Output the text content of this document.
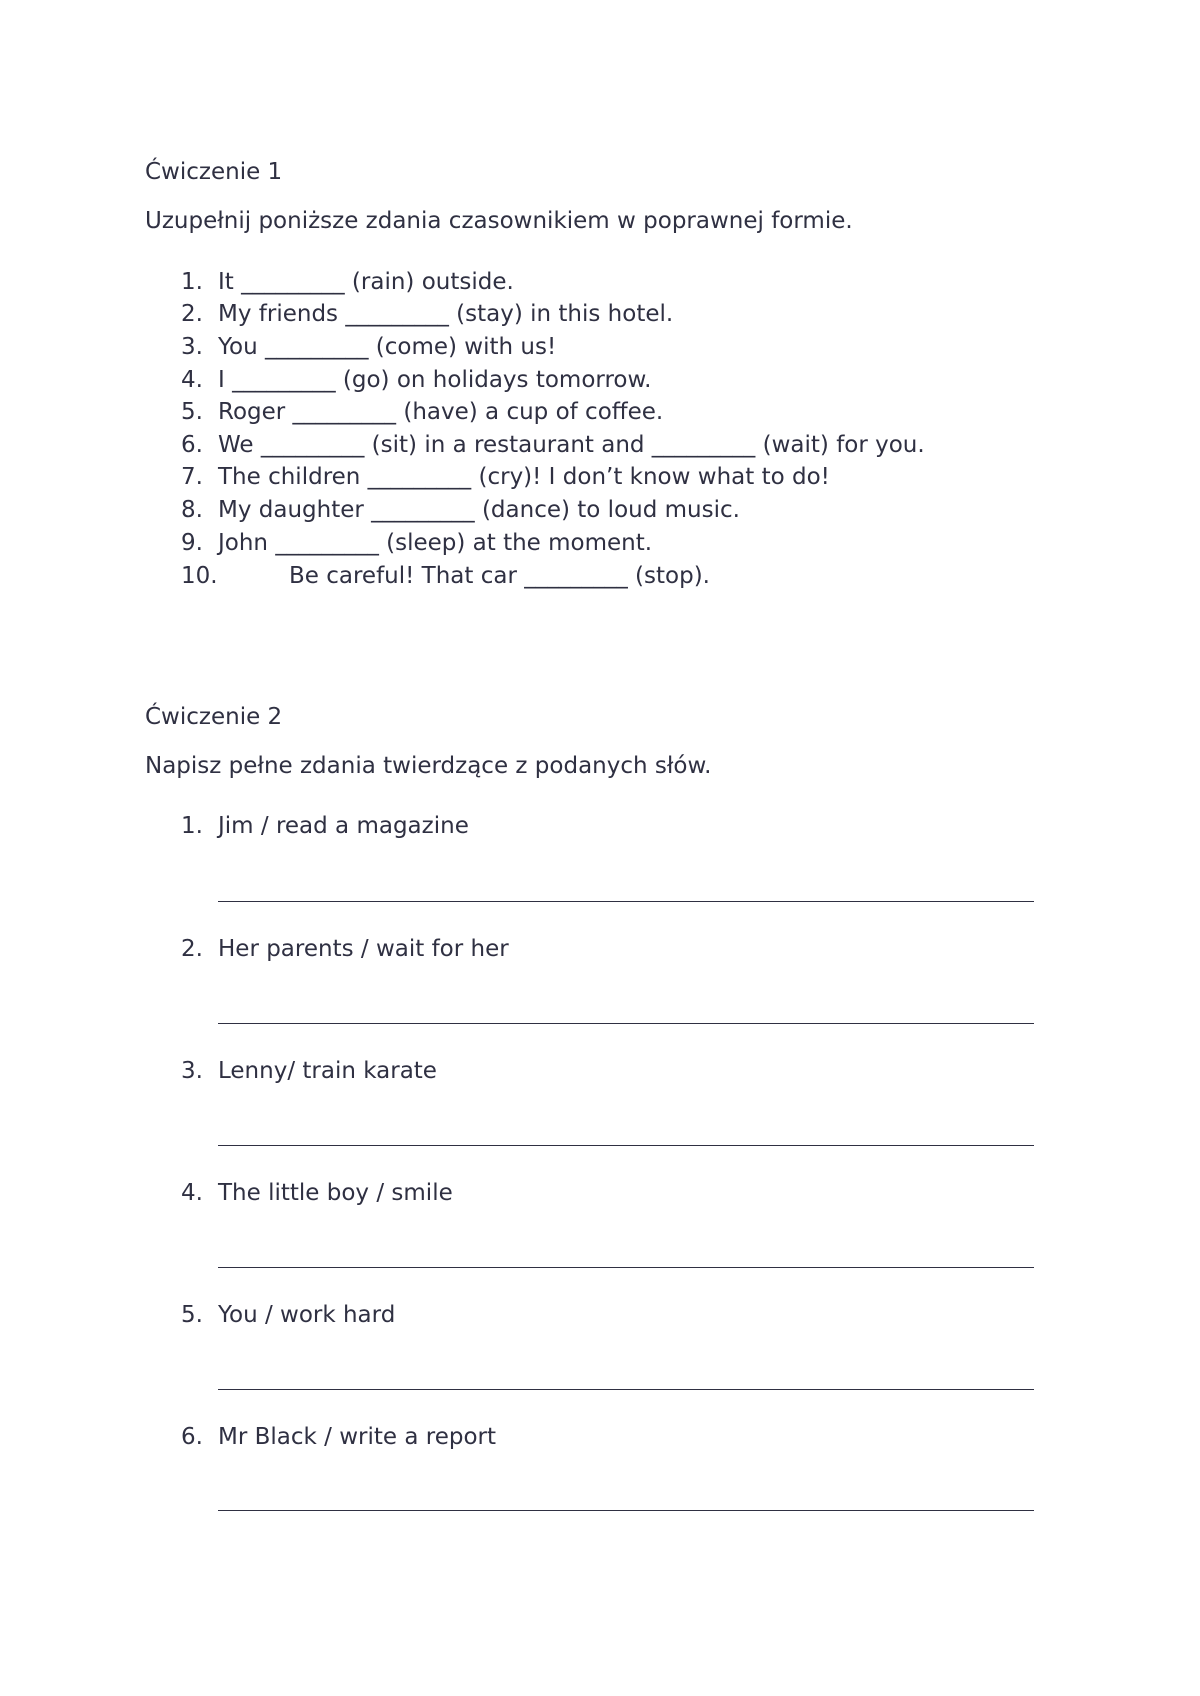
Ćwiczenie 1
Uzupełnij poniższe zdania czasownikiem w poprawnej formie.
1. It _________ (rain) outside.
2. My friends _________ (stay) in this hotel.
3. You _________ (come) with us!
4. I _________ (go) on holidays tomorrow.
5. Roger _________ (have) a cup of coffee.
6. We _________ (sit) in a restaurant and _________ (wait) for you.
7. The children _________ (cry)! I don’t know what to do!
8. My daughter _________ (dance) to loud music.
9. John _________ (sleep) at the moment.
10.	Be careful! That car _________ (stop).
Ćwiczenie 2
Napisz pełne zdania twierdzące z podanych słów.
1. Jim / read a magazine
2. Her parents / wait for her
3. Lenny/ train karate
4. The little boy / smile
5. You / work hard
6. Mr Black / write a report
